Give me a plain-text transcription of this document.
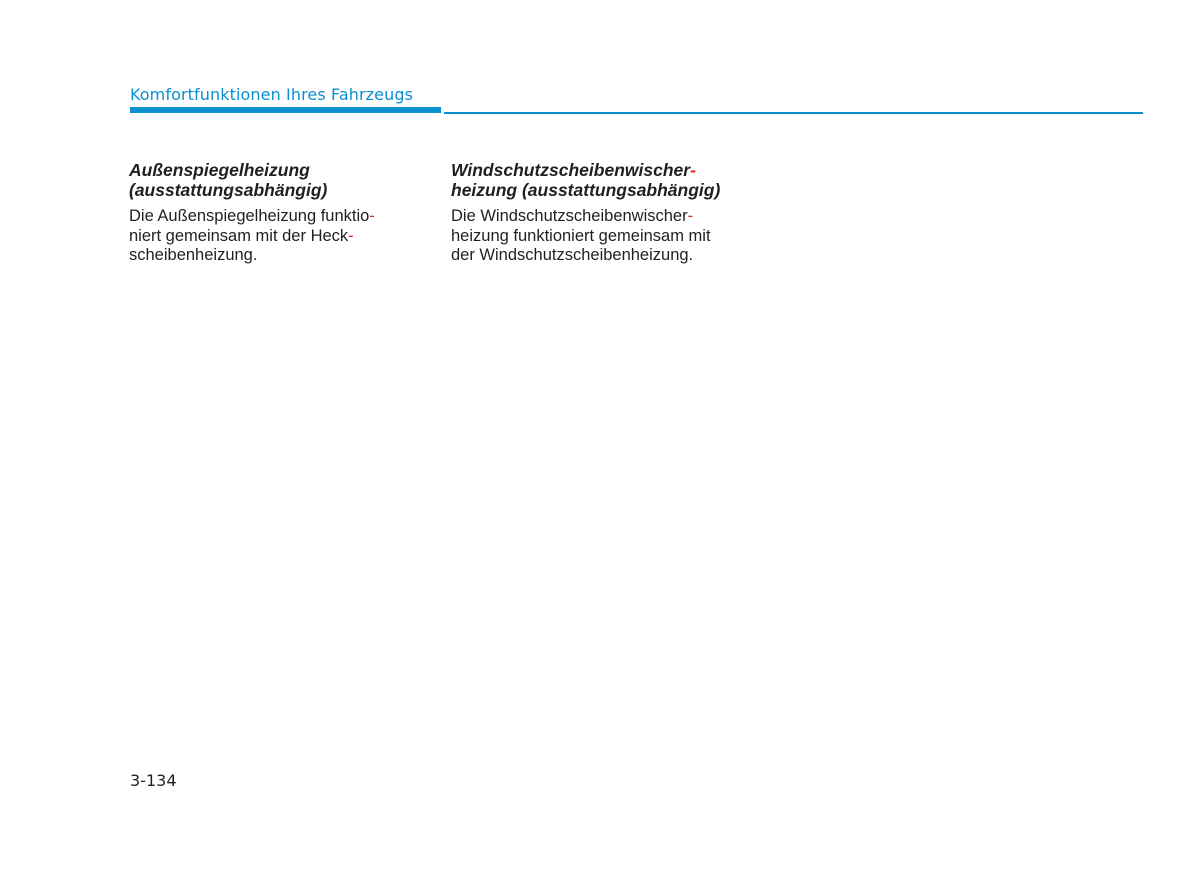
Komfortfunktionen Ihres Fahrzeugs
Außenspiegelheizung
(ausstattungsabhängig)

Die Außenspiegelheizung funktio-
niert gemeinsam mit der Heck-
scheibenheizung.

Windschutzscheibenwischer-
heizung (ausstattungsabhängig)

Die Windschutzscheibenwischer-
heizung funktioniert gemeinsam mit
der Windschutzscheibenheizung.

3-134
